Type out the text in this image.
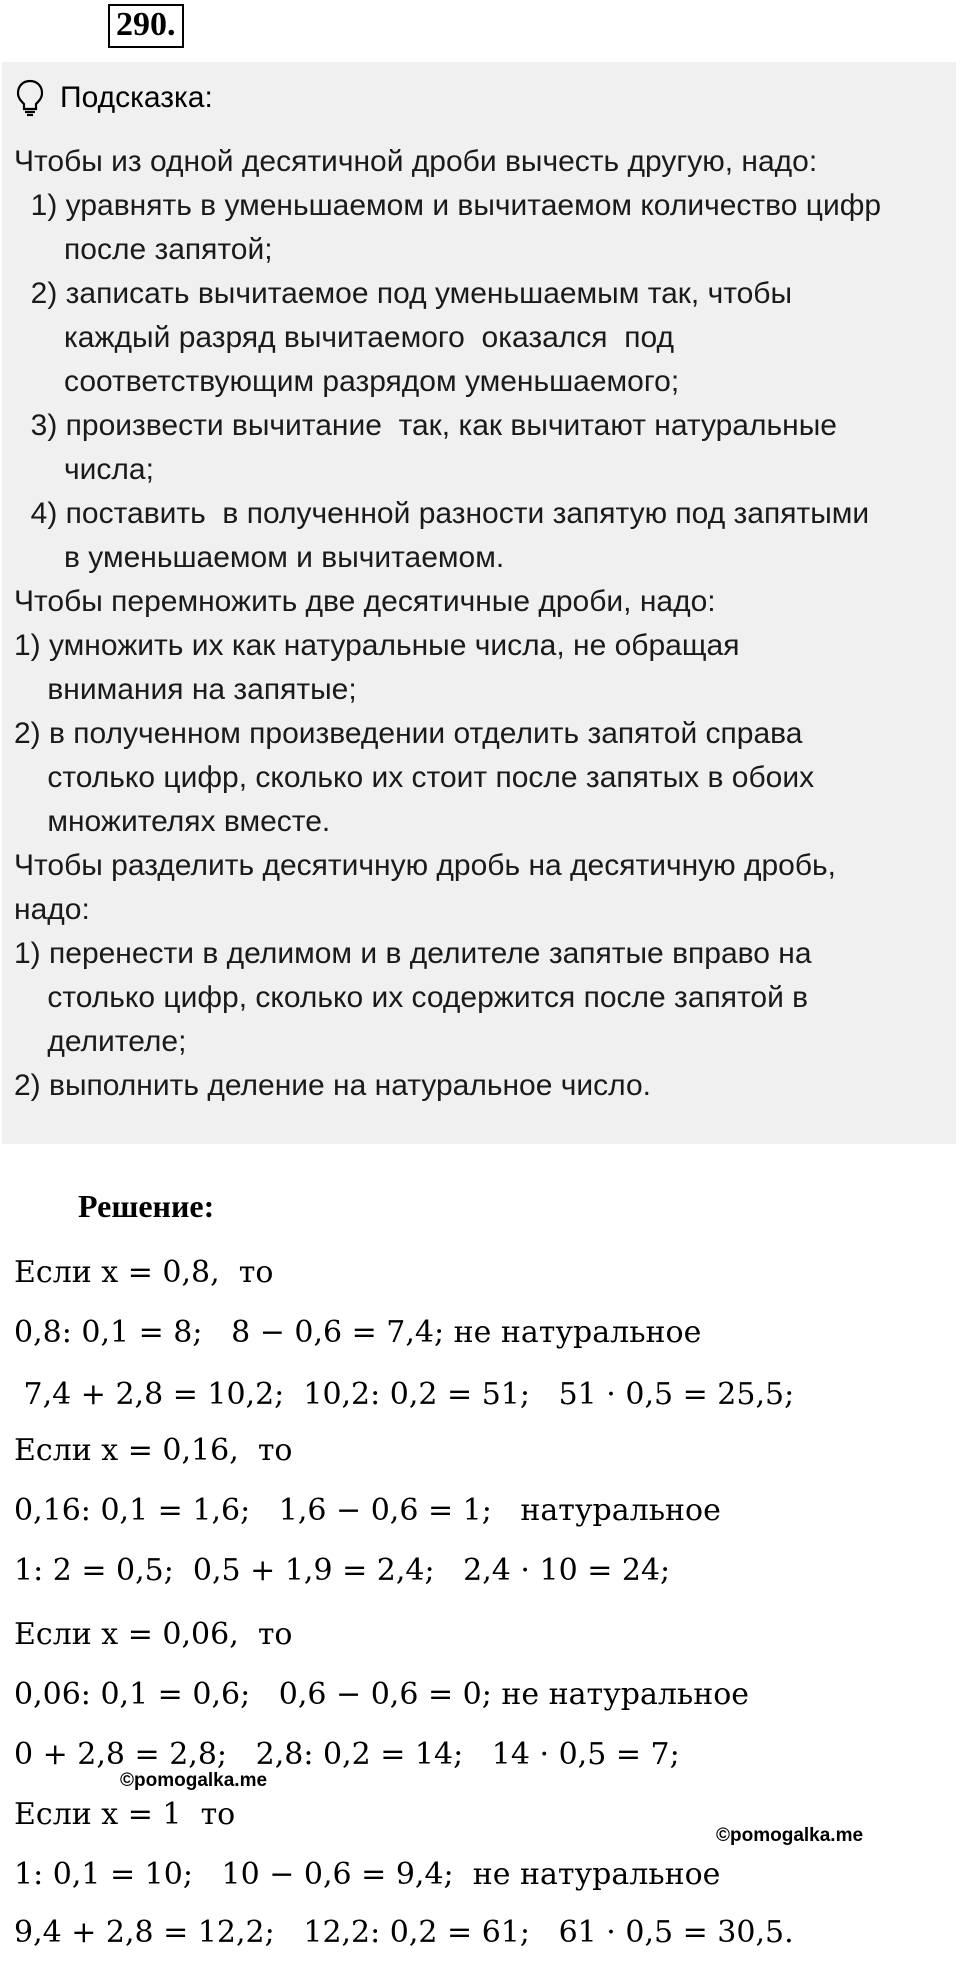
290.
Подсказка:
Чтобы из одной десятичной дроби вычесть другую, надо:
1) уравнять в уменьшаемом и вычитаемом количество цифр
после запятой;
2) записать вычитаемое под уменьшаемым так, чтобы
каждый разряд вычитаемого  оказался  под
соответствующим разрядом уменьшаемого;
3) произвести вычитание  так, как вычитают натуральные
числа;
4) поставить  в полученной разности запятую под запятыми
в уменьшаемом и вычитаемом.
Чтобы перемножить две десятичные дроби, надо:
1) умножить их как натуральные числа, не обращая
внимания на запятые;
2) в полученном произведении отделить запятой справа
столько цифр, сколько их стоит после запятых в обоих
множителях вместе.
Чтобы разделить десятичную дробь на десятичную дробь,
надо:
1) перенести в делимом и в делителе запятые вправо на
столько цифр, сколько их содержится после запятой в
делителе;
2) выполнить деление на натуральное число.
Решение:
Если x = 0,8,  то
0,8: 0,1 = 8;   8 − 0,6 = 7,4; не натуральное
7,4 + 2,8 = 10,2;  10,2: 0,2 = 51;   51 · 0,5 = 25,5;
Если x = 0,16,  то
0,16: 0,1 = 1,6;   1,6 − 0,6 = 1;   натуральное
1: 2 = 0,5;  0,5 + 1,9 = 2,4;   2,4 · 10 = 24;
Если x = 0,06,  то
0,06: 0,1 = 0,6;   0,6 − 0,6 = 0; не натуральное
0 + 2,8 = 2,8;   2,8: 0,2 = 14;   14 · 0,5 = 7;
Если x = 1  то
1: 0,1 = 10;   10 − 0,6 = 9,4;  не натуральное
9,4 + 2,8 = 12,2;   12,2: 0,2 = 61;   61 · 0,5 = 30,5.
©pomogalka.me
©pomogalka.me
